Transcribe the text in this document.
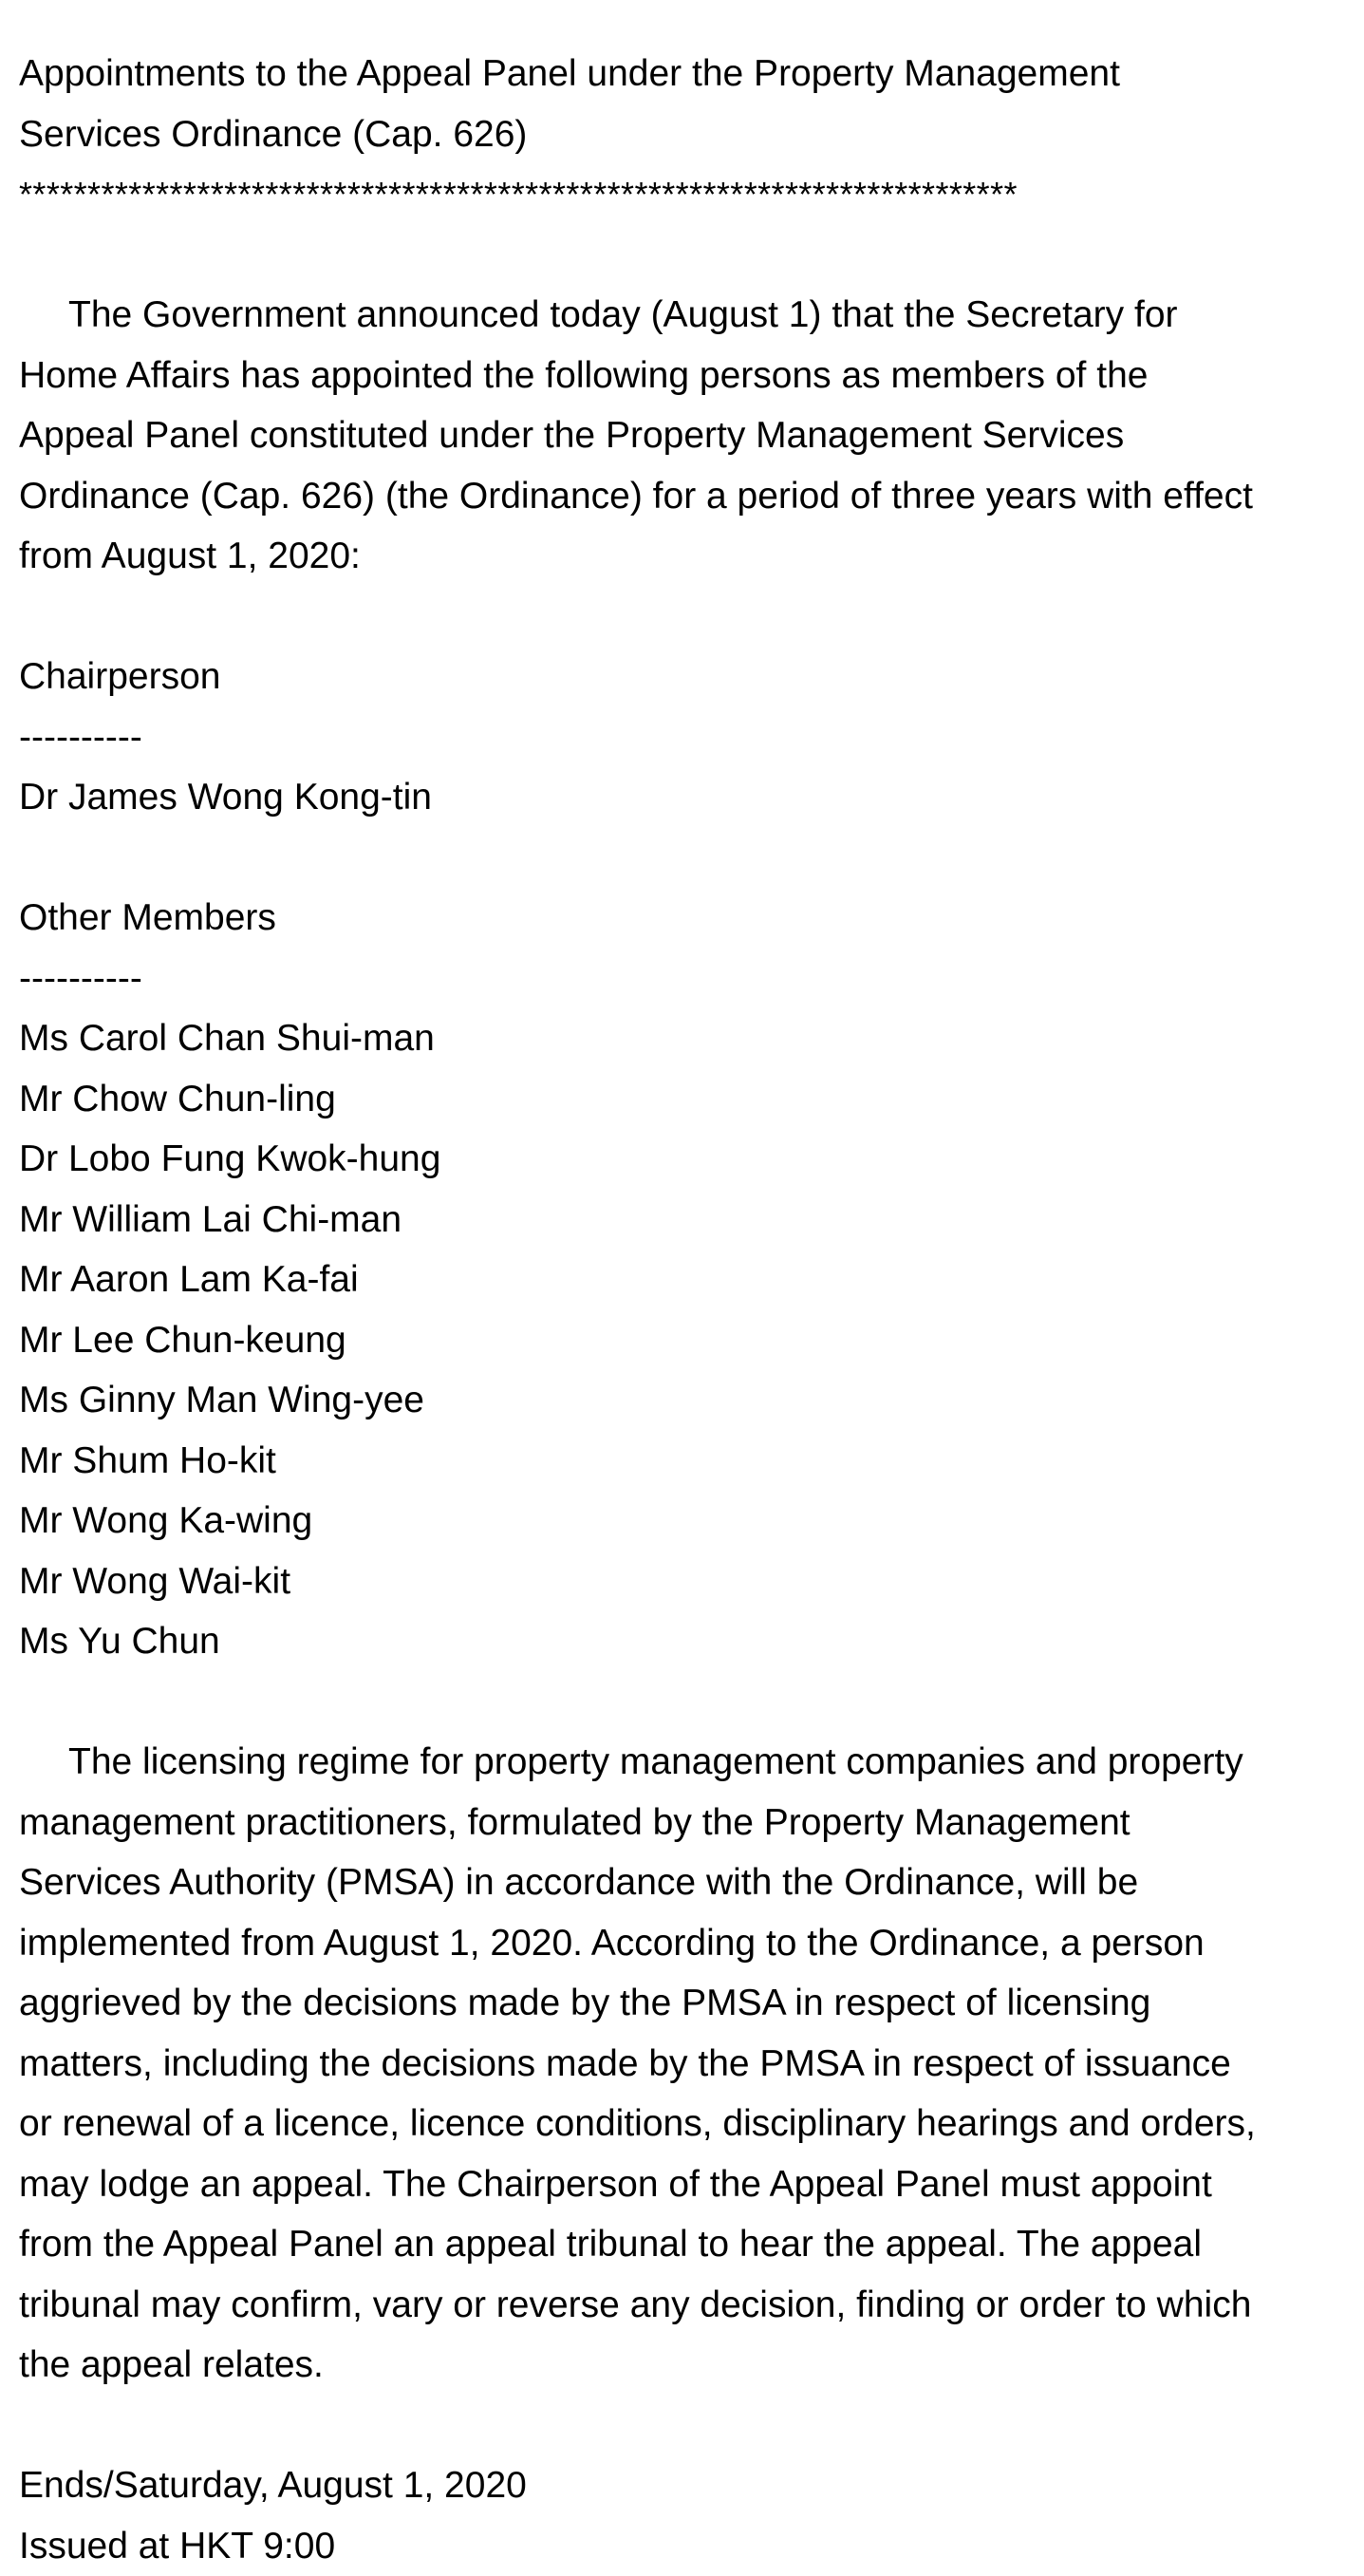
Appointments to the Appeal Panel under the Property Management
Services Ordinance (Cap. 626)
*************************************************************************
The Government announced today (August 1) that the Secretary for
Home Affairs has appointed the following persons as members of the
Appeal Panel constituted under the Property Management Services
Ordinance (Cap. 626) (the Ordinance) for a period of three years with effect
from August 1, 2020:
Chairperson
----------
Dr James Wong Kong-tin
Other Members
----------
Ms Carol Chan Shui-man
Mr Chow Chun-ling
Dr Lobo Fung Kwok-hung
Mr William Lai Chi-man
Mr Aaron Lam Ka-fai
Mr Lee Chun-keung
Ms Ginny Man Wing-yee
Mr Shum Ho-kit
Mr Wong Ka-wing
Mr Wong Wai-kit
Ms Yu Chun
The licensing regime for property management companies and property
management practitioners, formulated by the Property Management
Services Authority (PMSA) in accordance with the Ordinance, will be
implemented from August 1, 2020. According to the Ordinance, a person
aggrieved by the decisions made by the PMSA in respect of licensing
matters, including the decisions made by the PMSA in respect of issuance
or renewal of a licence, licence conditions, disciplinary hearings and orders,
may lodge an appeal. The Chairperson of the Appeal Panel must appoint
from the Appeal Panel an appeal tribunal to hear the appeal. The appeal
tribunal may confirm, vary or reverse any decision, finding or order to which
the appeal relates.
Ends/Saturday, August 1, 2020
Issued at HKT 9:00
